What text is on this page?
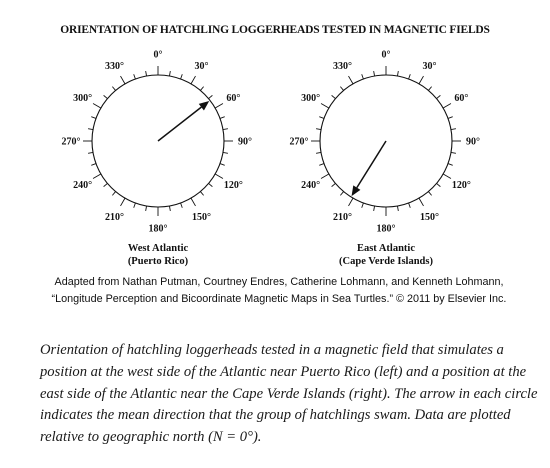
ORIENTATION OF HATCHLING LOGGERHEADS TESTED IN MAGNETIC FIELDS
0°
30°
60°
90°
120°
150°
180°
210°
240°
270°
300°
330°
West Atlantic
(Puerto Rico)
0°
30°
60°
90°
120°
150°
180°
210°
240°
270°
300°
330°
East Atlantic
(Cape Verde Islands)
Adapted from Nathan Putman, Courtney Endres, Catherine Lohmann, and Kenneth Lohmann,
“Longitude Perception and Bicoordinate Magnetic Maps in Sea Turtles.” © 2011 by Elsevier Inc.
Orientation of hatchling loggerheads tested in a magnetic field that simulates a position at the west side of the Atlantic near Puerto Rico (left) and a position at the east side of the Atlantic near the Cape Verde Islands (right). The arrow in each circle indicates the mean direction that the group of hatchlings swam. Data are plotted relative to geographic north (N = 0°).
